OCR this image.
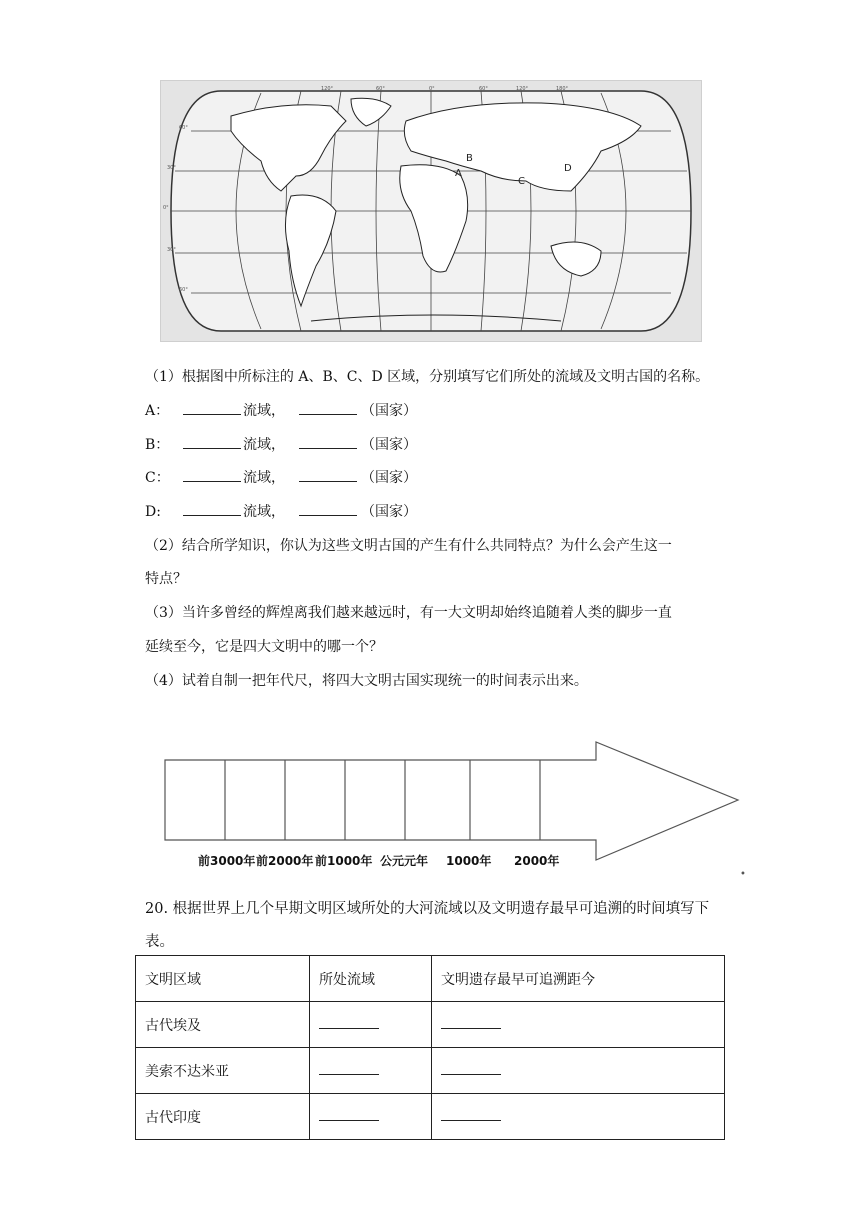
A
B
C
D
120°	60°	0°	60°	120°	180°
60°
30°
0°
30°
60°
（1）根据图中所标注的 A、B、C、D 区域，分别填写它们所处的流域及文明古国的名称。
A：	流域，	（国家）
B：	流域，	（国家）
C：	流域，	（国家）
D:	流域，	（国家）
（2）结合所学知识，你认为这些文明古国的产生有什么共同特点？为什么会产生这一
特点？
（3）当许多曾经的辉煌离我们越来越远时，有一大文明却始终追随着人类的脚步一直
延续至今，它是四大文明中的哪一个？
（4）试着自制一把年代尺，将四大文明古国实现统一的时间表示出来。
前3000年 前2000年 前1000年 公元元年 1000年 2000年
•
20. 根据世界上几个早期文明区域所处的大河流域以及文明遗存最早可追溯的时间填写下表。
文明区域	所处流域	文明遗存最早可追溯距今
古代埃及		
美索不达米亚		
古代印度		
